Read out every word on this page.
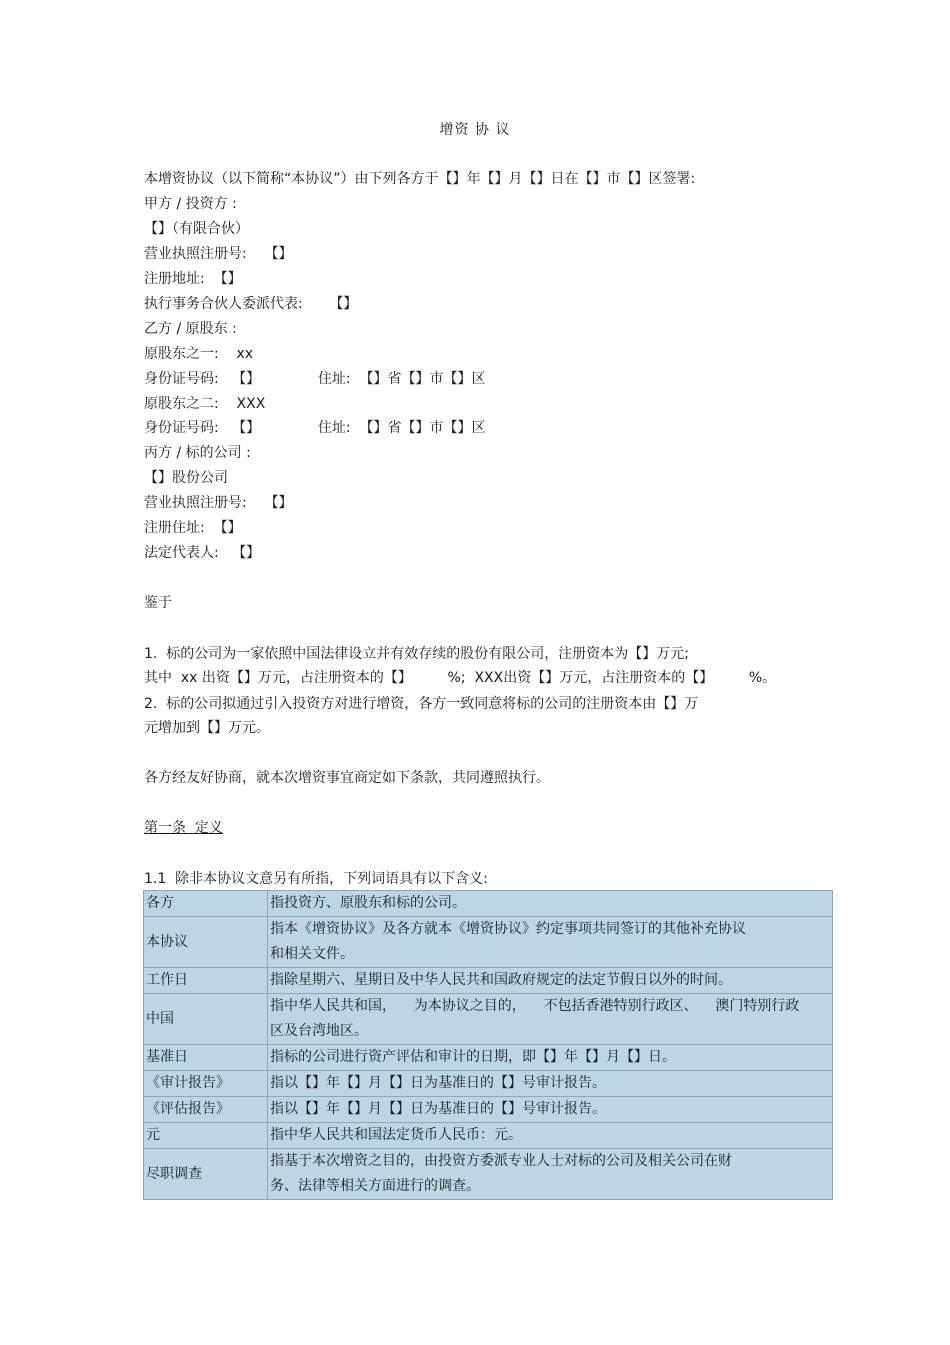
增资 协 议
本增资协议（以下简称“本协议”）由下列各方于【】年【】月【】日在【】市【】区签署:
甲方 / 投资方 :
【】（有限合伙）
营业执照注册号:    【】
注册地址:  【】
执行事务合伙人委派代表:      【】
乙方 / 原股东 :
原股东之一:    xx
身份证号码:   【】             住址:  【】省【】市【】区
原股东之二:    XXX
身份证号码:   【】             住址:  【】省【】市【】区
丙方 / 标的公司 :
【】股份公司
营业执照注册号:    【】
注册住址:  【】
法定代表人:   【】
鉴于
1.  标的公司为一家依照中国法律设立并有效存续的股份有限公司，注册资本为【】万元;
其中  xx 出资【】万元，占注册资本的【】        %;  XXX出资【】万元，占注册资本的【】        %。
2.  标的公司拟通过引入投资方对进行增资，各方一致同意将标的公司的注册资本由【】万
元增加到【】万元。
各方经友好协商，就本次增资事宜商定如下条款，共同遵照执行。
第一条  定义
1.1  除非本协议文意另有所指，下列词语具有以下含义:
各方	指投资方、原股东和标的公司。

本协议	指本《增资协议》及各方就本《增资协议》约定事项共同签订的其他补充协议
和相关文件。

工作日	指除星期六、星期日及中华人民共和国政府规定的法定节假日以外的时间。

中国	指中华人民共和国，    为本协议之目的，    不包括香港特别行政区、    澳门特别行政
区及台湾地区。

基准日	指标的公司进行资产评估和审计的日期，即【】年【】月【】日。

《审计报告》	指以【】年【】月【】日为基准日的【】号审计报告。

《评估报告》	指以【】年【】月【】日为基准日的【】号审计报告。

元	指中华人民共和国法定货币人民币：元。

尽职调查	指基于本次增资之目的，由投资方委派专业人士对标的公司及相关公司在财
务、法律等相关方面进行的调查。
